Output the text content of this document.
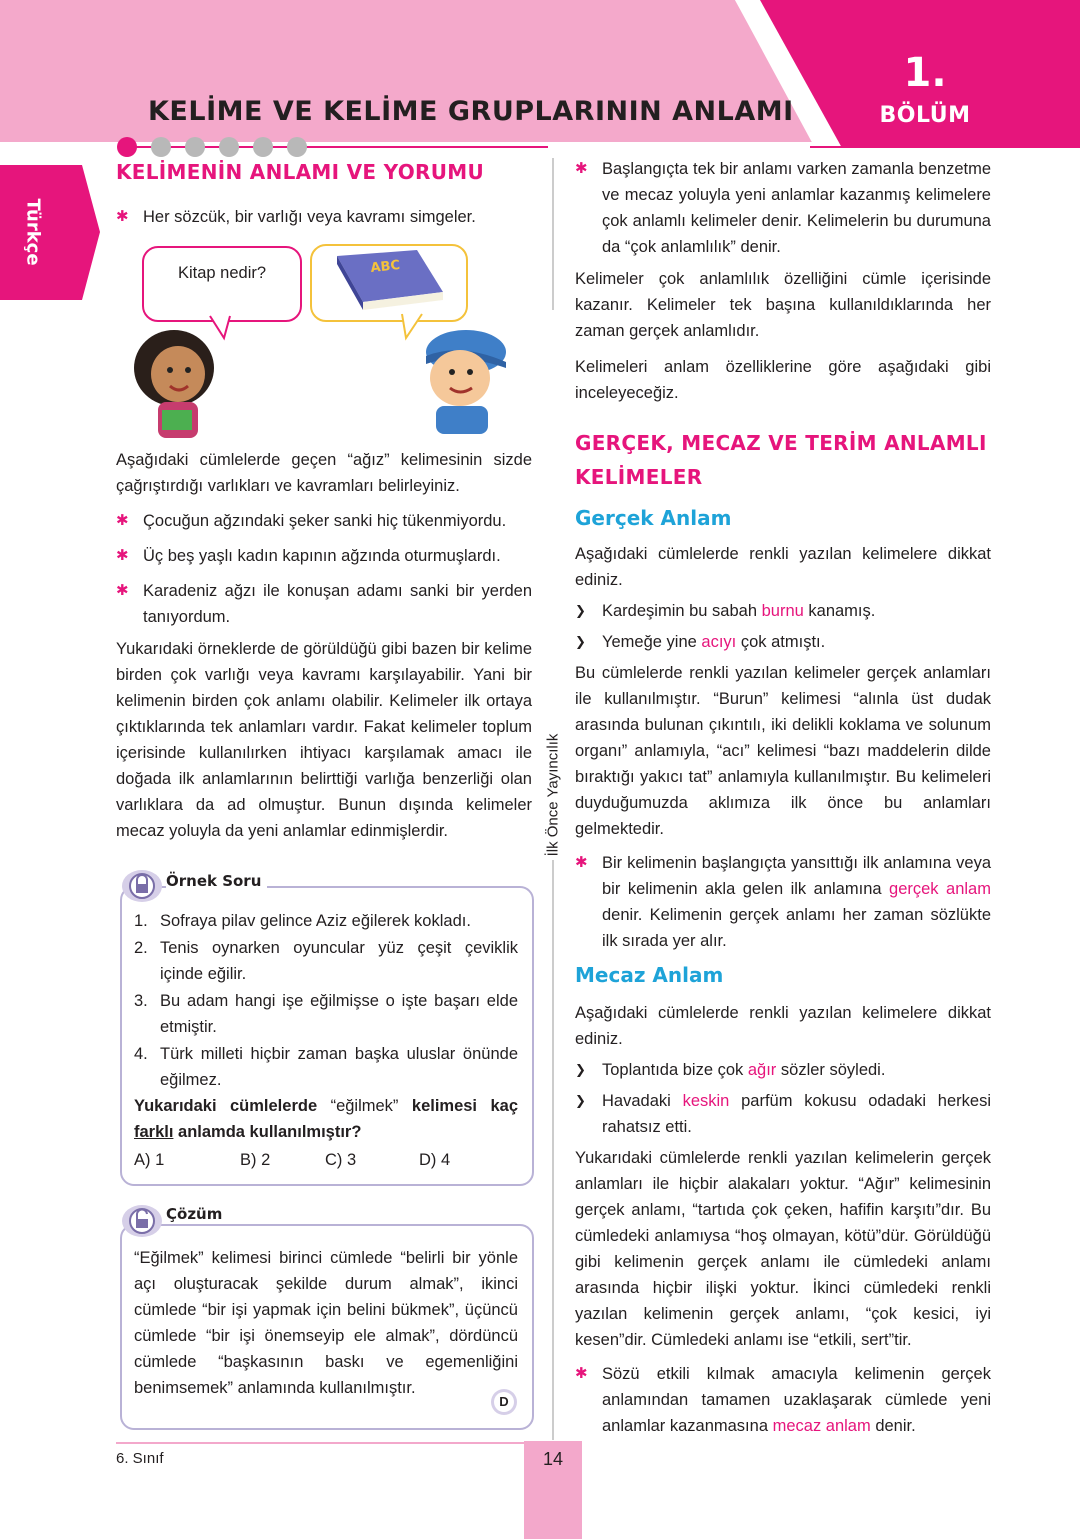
KELİME VE KELİME GRUPLARININ ANLAMI
1.
BÖLÜM
Türkçe
İlk Önce Yayıncılık

KELİMENİN ANLAMI VE YORUMU

✱ Her sözcük, bir varlığı veya kavramı simgeler.

Kitap nedir?	ABC

Aşağıdaki cümlelerde geçen “ağız” kelimesinin sizde çağrıştırdığı varlıkları ve kavramları belirleyiniz.

✱ Çocuğun ağzındaki şeker sanki hiç tükenmiyordu.

✱ Üç beş yaşlı kadın kapının ağzında oturmuşlardı.

✱ Karadeniz ağzı ile konuşan adamı sanki bir yerden tanıyordum.

Yukarıdaki örneklerde de görüldüğü gibi bazen bir kelime birden çok varlığı veya kavramı karşılayabilir. Yani bir kelimenin birden çok anlamı olabilir. Kelimeler ilk ortaya çıktıklarında tek anlamları vardır. Fakat kelimeler toplum içerisinde kullanılırken ihtiyacı karşılamak amacı ile doğada ilk anlamlarının belirttiği varlığa benzerliği olan varlıklara da ad olmuştur. Bunun dışında kelimeler mecaz yoluyla da yeni anlamlar edinmişlerdir.

Örnek Soru

1. Sofraya pilav gelince Aziz eğilerek kokladı.

2. Tenis oynarken oyuncular yüz çeşit çeviklik içinde eğilir.

3. Bu adam hangi işe eğilmişse o işte başarı elde etmiştir.

4. Türk milleti hiçbir zaman başka uluslar önünde eğilmez.

Yukarıdaki cümlelerde “eğilmek” kelimesi kaç farklı anlamda kullanılmıştır?

A) 1	B) 2	C) 3	D) 4
Çözüm

“Eğilmek” kelimesi birinci cümlede “belirli bir yönle açı oluşturacak şekilde durum almak”, ikinci cümlede “bir işi yapmak için belini bükmek”, üçüncü cümlede “bir işi önemseyip ele almak”, dördüncü cümlede “başkasının baskı ve egemenliğini benimsemek” anlamında kullanılmıştır.

D

✱ Başlangıçta tek bir anlamı varken zamanla benzetme ve mecaz yoluyla yeni anlamlar kazanmış kelimelere çok anlamlı kelimeler denir. Kelimelerin bu durumuna da “çok anlamlılık” denir.

Kelimeler çok anlamlılık özelliğini cümle içerisinde kazanır. Kelimeler tek başına kullanıldıklarında her zaman gerçek anlamlıdır.

Kelimeleri anlam özelliklerine göre aşağıdaki gibi inceleyeceğiz.

GERÇEK, MECAZ VE TERİM ANLAMLI
KELİMELER

Gerçek Anlam

Aşağıdaki cümlelerde renkli yazılan kelimelere dikkat ediniz.

❯ Kardeşimin bu sabah burnu kanamış.

❯ Yemeğe yine acıyı çok atmıştı.

Bu cümlelerde renkli yazılan kelimeler gerçek anlamları ile kullanılmıştır. “Burun” kelimesi “alınla üst dudak arasında bulunan çıkıntılı, iki delikli koklama ve solunum organı” anlamıyla, “acı” kelimesi “bazı maddelerin dilde bıraktığı yakıcı tat” anlamıyla kullanılmıştır. Bu kelimeleri duyduğumuzda aklımıza ilk önce bu anlamları gelmektedir.

✱ Bir kelimenin başlangıçta yansıttığı ilk anlamına veya bir kelimenin akla gelen ilk anlamına gerçek anlam denir. Kelimenin gerçek anlamı her zaman sözlükte ilk sırada yer alır.

Mecaz Anlam

Aşağıdaki cümlelerde renkli yazılan kelimelere dikkat ediniz.

❯ Toplantıda bize çok ağır sözler söyledi.

❯ Havadaki keskin parfüm kokusu odadaki herkesi rahatsız etti.

Yukarıdaki cümlelerde renkli yazılan kelimelerin gerçek anlamları ile hiçbir alakaları yoktur. “Ağır” kelimesinin gerçek anlamı, “tartıda çok çeken, hafifin karşıtı”dır. Bu cümledeki anlamıysa “hoş olmayan, kötü”dür. Görüldüğü gibi kelimenin gerçek anlamı ile cümledeki anlamı arasında hiçbir ilişki yoktur. İkinci cümledeki renkli yazılan kelimenin gerçek anlamı, “çok kesici, iyi kesen”dir. Cümledeki anlamı ise “etkili, sert”tir.

✱ Sözü etkili kılmak amacıyla kelimenin gerçek anlamından tamamen uzaklaşarak cümlede yeni anlamlar kazanmasına mecaz anlam denir.

6. Sınıf	14
